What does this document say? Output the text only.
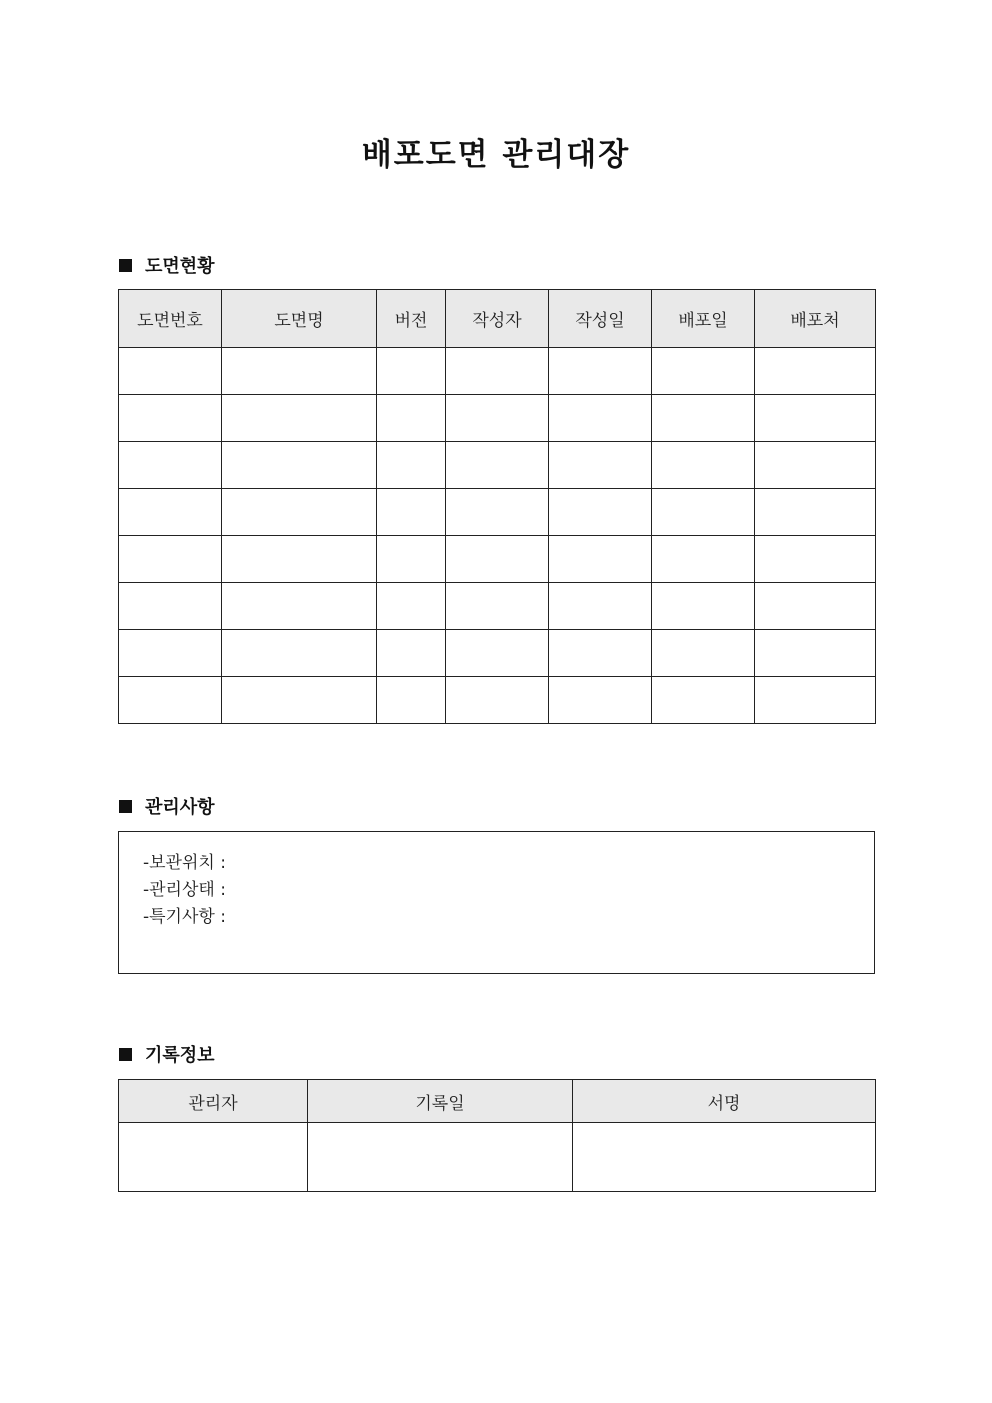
배포도면 관리대장
도면현황
도면번호	도면명	버전	작성자	작성일	배포일	배포처

관리사항
-보관위치 :
-관리상태 :
-특기사항 :
기록정보
관리자	기록일	서명
